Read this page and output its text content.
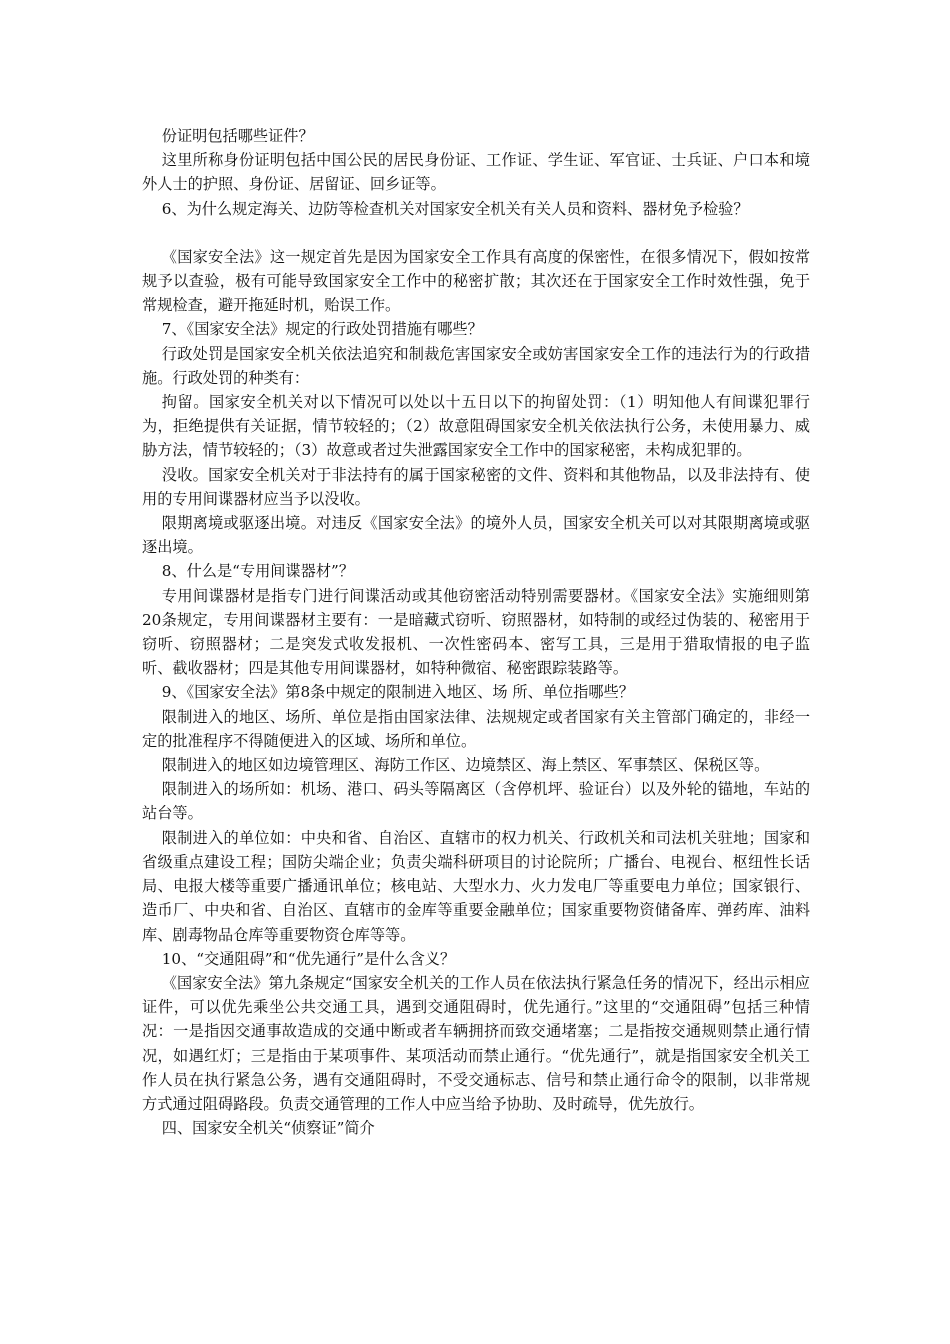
份证明包括哪些证件？

这里所称身份证明包括中国公民的居民身份证、工作证、学生证、军官证、士兵证、户口本和境外人士的护照、身份证、居留证、回乡证等。

6、为什么规定海关、边防等检查机关对国家安全机关有关人员和资料、器材免予检验？

《国家安全法》这一规定首先是因为国家安全工作具有高度的保密性，在很多情况下，假如按常规予以查验，极有可能导致国家安全工作中的秘密扩散；其次还在于国家安全工作时效性强，免于常规检查，避开拖延时机，贻误工作。

7、《国家安全法》规定的行政处罚措施有哪些？

行政处罚是国家安全机关依法追究和制裁危害国家安全或妨害国家安全工作的违法行为的行政措施。行政处罚的种类有：

拘留。国家安全机关对以下情况可以处以十五日以下的拘留处罚：（1）明知他人有间谍犯罪行为，拒绝提供有关证据，情节较轻的；（2）故意阻碍国家安全机关依法执行公务，未使用暴力、威胁方法，情节较轻的；（3）故意或者过失泄露国家安全工作中的国家秘密，未构成犯罪的。

没收。国家安全机关对于非法持有的属于国家秘密的文件、资料和其他物品，以及非法持有、使用的专用间谍器材应当予以没收。

限期离境或驱逐出境。对违反《国家安全法》的境外人员，国家安全机关可以对其限期离境或驱逐出境。

8、什么是“专用间谍器材”？

专用间谍器材是指专门进行间谍活动或其他窃密活动特别需要器材。《国家安全法》实施细则第20条规定，专用间谍器材主要有：一是暗藏式窃听、窃照器材，如特制的或经过伪装的、秘密用于窃听、窃照器材；二是突发式收发报机、一次性密码本、密写工具，三是用于猎取情报的电子监听、截收器材；四是其他专用间谍器材，如特种微宿、秘密跟踪装路等。

9、《国家安全法》第8条中规定的限制进入地区、场 所、单位指哪些？

限制进入的地区、场所、单位是指由国家法律、法规规定或者国家有关主管部门确定的，非经一定的批准程序不得随便进入的区域、场所和单位。

限制进入的地区如边境管理区、海防工作区、边境禁区、海上禁区、军事禁区、保税区等。

限制进入的场所如：机场、港口、码头等隔离区（含停机坪、验证台）以及外轮的锚地，车站的站台等。

限制进入的单位如：中央和省、自治区、直辖市的权力机关、行政机关和司法机关驻地；国家和省级重点建设工程；国防尖端企业；负责尖端科研项目的讨论院所；广播台、电视台、枢纽性长话局、电报大楼等重要广播通讯单位；核电站、大型水力、火力发电厂等重要电力单位；国家银行、造币厂、中央和省、自治区、直辖市的金库等重要金融单位；国家重要物资储备库、弹药库、油料库、剧毒物品仓库等重要物资仓库等等。

10、“交通阻碍”和“优先通行”是什么含义？

《国家安全法》第九条规定“国家安全机关的工作人员在依法执行紧急任务的情况下，经出示相应证件，可以优先乘坐公共交通工具，遇到交通阻碍时，优先通行。”这里的“交通阻碍”包括三种情况：一是指因交通事故造成的交通中断或者车辆拥挤而致交通堵塞；二是指按交通规则禁止通行情况，如遇红灯；三是指由于某项事件、某项活动而禁止通行。“优先通行”，就是指国家安全机关工作人员在执行紧急公务，遇有交通阻碍时，不受交通标志、信号和禁止通行命令的限制，以非常规方式通过阻碍路段。负责交通管理的工作人中应当给予协助、及时疏导，优先放行。

四、国家安全机关“侦察证”简介
